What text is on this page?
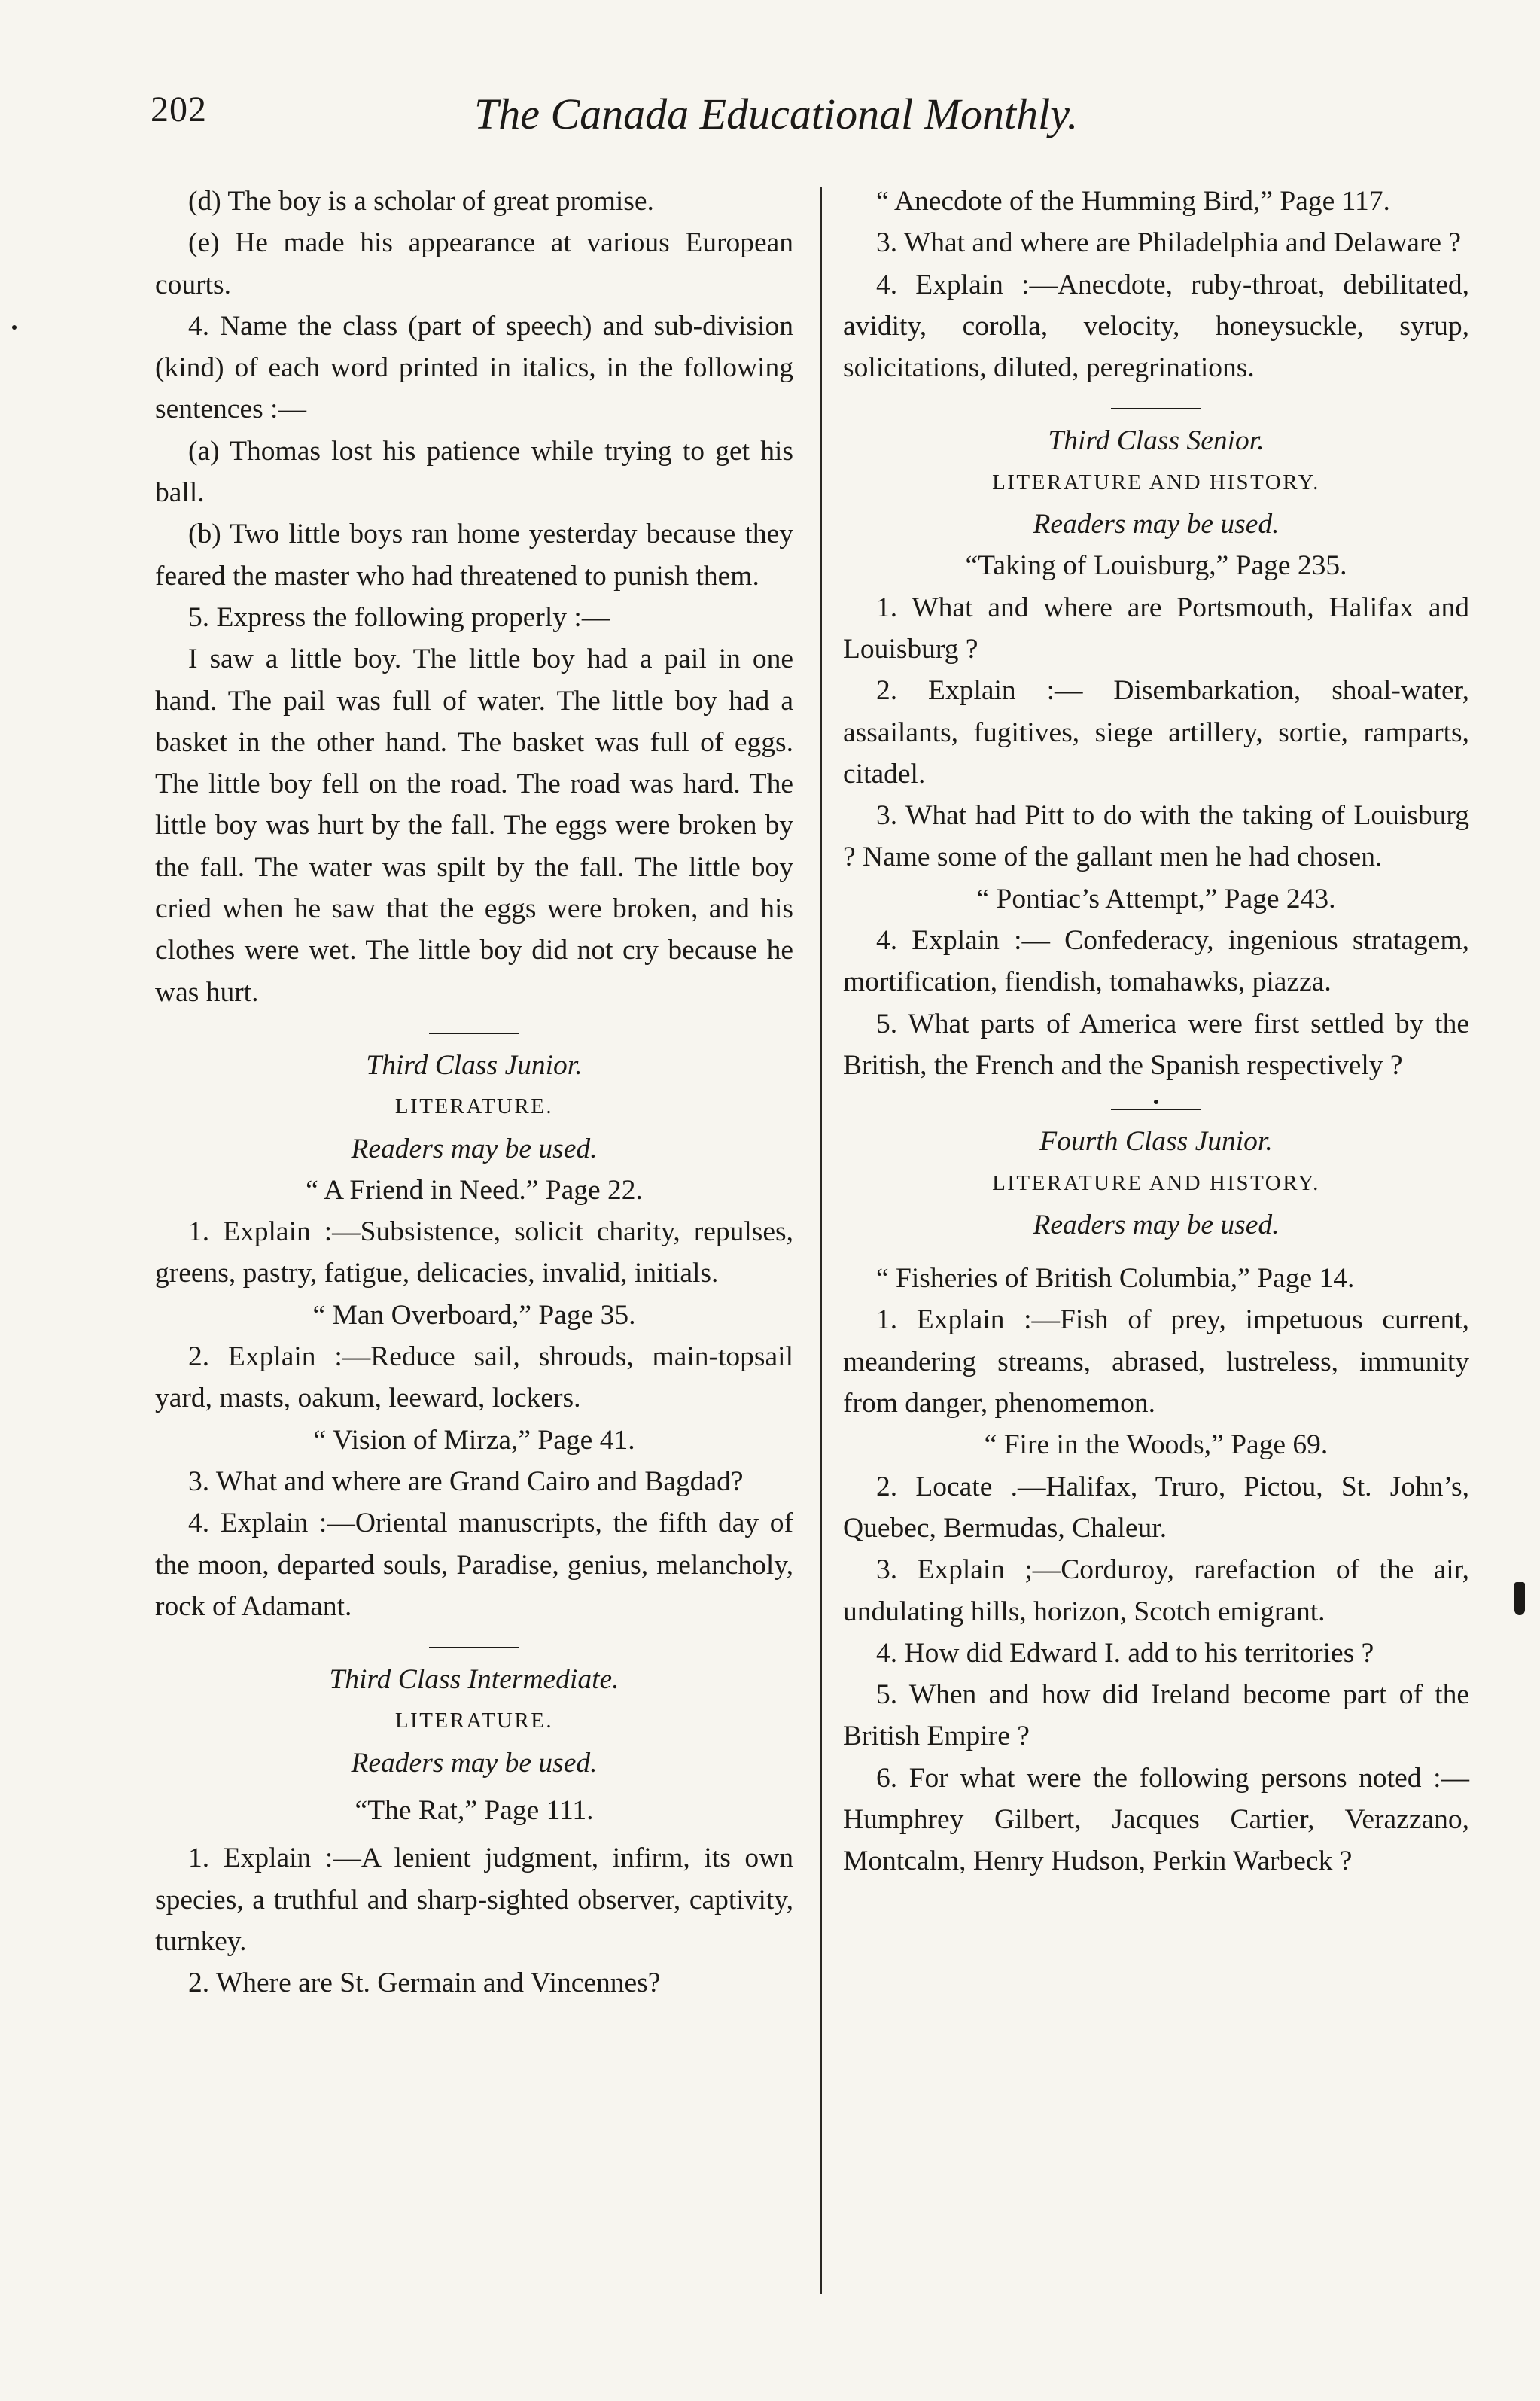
202	The Canada Educational Monthly.

(d) The boy is a scholar of great promise.

(e) He made his appearance at various European courts.

4. Name the class (part of speech) and sub-division (kind) of each word printed in italics, in the following sentences :—

(a) Thomas lost his patience while trying to get his ball.

(b) Two little boys ran home yesterday because they feared the master who had threatened to punish them.

5. Express the following properly :—

I saw a little boy. The little boy had a pail in one hand. The pail was full of water. The little boy had a basket in the other hand. The basket was full of eggs. The little boy fell on the road. The road was hard. The little boy was hurt by the fall. The eggs were broken by the fall. The water was spilt by the fall. The little boy cried when he saw that the eggs were broken, and his clothes were wet. The little boy did not cry because he was hurt.

Third Class Junior.

LITERATURE.

Readers may be used.

“ A Friend in Need.” Page 22.

1. Explain :—Subsistence, solicit charity, repulses, greens, pastry, fatigue, delicacies, invalid, initials.

“ Man Overboard,” Page 35.

2. Explain :—Reduce sail, shrouds, main-topsail yard, masts, oakum, leeward, lockers.

“ Vision of Mirza,” Page 41.

3. What and where are Grand Cairo and Bagdad?

4. Explain :—Oriental manuscripts, the fifth day of the moon, departed souls, Paradise, genius, melancholy, rock of Adamant.

Third Class Intermediate.

LITERATURE.

Readers may be used.

“The Rat,” Page 111.

1. Explain :—A lenient judgment, infirm, its own species, a truthful and sharp-sighted observer, captivity, turnkey.

2. Where are St. Germain and Vincennes?

“ Anecdote of the Humming Bird,” Page 117.

3. What and where are Philadelphia and Delaware ?

4. Explain :—Anecdote, ruby-throat, debilitated, avidity, corolla, velocity, honeysuckle, syrup, solicitations, diluted, peregrinations.

Third Class Senior.

LITERATURE AND HISTORY.

Readers may be used.

“Taking of Louisburg,” Page 235.

1. What and where are Portsmouth, Halifax and Louisburg ?

2. Explain :— Disembarkation, shoal-water, assailants, fugitives, siege artillery, sortie, ramparts, citadel.

3. What had Pitt to do with the taking of Louisburg ? Name some of the gallant men he had chosen.

“ Pontiac’s Attempt,” Page 243.

4. Explain :— Confederacy, ingenious stratagem, mortification, fiendish, tomahawks, piazza.

5. What parts of America were first settled by the British, the French and the Spanish respectively ?

Fourth Class Junior.

LITERATURE AND HISTORY.

Readers may be used.

“ Fisheries of British Columbia,” Page 14.

1. Explain :—Fish of prey, impetuous current, meandering streams, abrased, lustreless, immunity from danger, phenomemon.

“ Fire in the Woods,” Page 69.

2. Locate .—Halifax, Truro, Pictou, St. John’s, Quebec, Bermudas, Chaleur.

3. Explain ;—Corduroy, rarefaction of the air, undulating hills, horizon, Scotch emigrant.

4. How did Edward I. add to his territories ?

5. When and how did Ireland become part of the British Empire ?

6. For what were the following persons noted :—Humphrey Gilbert, Jacques Cartier, Verazzano, Montcalm, Henry Hudson, Perkin Warbeck ?
